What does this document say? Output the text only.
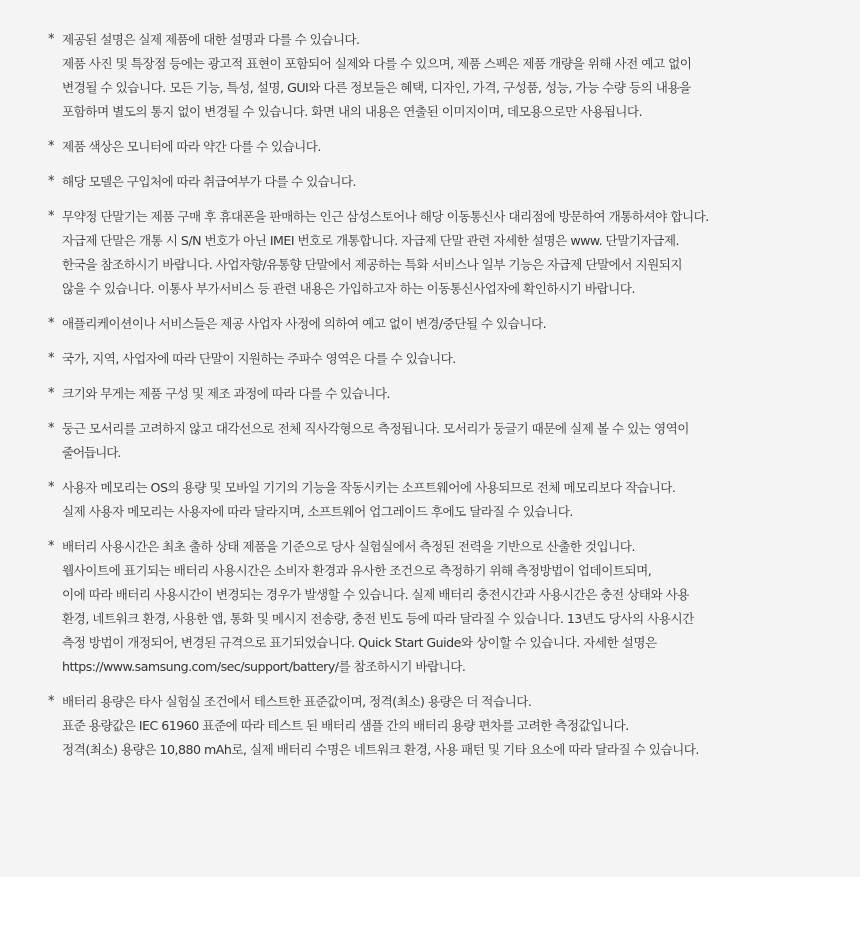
* 제공된 설명은 실제 제품에 대한 설명과 다를 수 있습니다.
제품 사진 및 특장점 등에는 광고적 표현이 포함되어 실제와 다를 수 있으며, 제품 스펙은 제품 개량을 위해 사전 예고 없이
변경될 수 있습니다. 모든 기능, 특성, 설명, GUI와 다른 정보들은 혜택, 디자인, 가격, 구성품, 성능, 가능 수량 등의 내용을
포함하며 별도의 통지 없이 변경될 수 있습니다. 화면 내의 내용은 연출된 이미지이며, 데모용으로만 사용됩니다.
* 제품 색상은 모니터에 따라 약간 다를 수 있습니다.
* 해당 모델은 구입처에 따라 취급여부가 다를 수 있습니다.
* 무약정 단말기는 제품 구매 후 휴대폰을 판매하는 인근 삼성스토어나 해당 이동통신사 대리점에 방문하여 개통하셔야 합니다.
자급제 단말은 개통 시 S/N 번호가 아닌 IMEI 번호로 개통합니다. 자급제 단말 관련 자세한 설명은 www. 단말기자급제.
한국을 참조하시기 바랍니다. 사업자향/유통향 단말에서 제공하는 특화 서비스나 일부 기능은 자급제 단말에서 지원되지
않을 수 있습니다. 이통사 부가서비스 등 관련 내용은 가입하고자 하는 이동통신사업자에 확인하시기 바랍니다.
* 애플리케이션이나 서비스들은 제공 사업자 사정에 의하여 예고 없이 변경/중단될 수 있습니다.
* 국가, 지역, 사업자에 따라 단말이 지원하는 주파수 영역은 다를 수 있습니다.
* 크기와 무게는 제품 구성 및 제조 과정에 따라 다를 수 있습니다.
* 둥근 모서리를 고려하지 않고 대각선으로 전체 직사각형으로 측정됩니다. 모서리가 둥글기 때문에 실제 볼 수 있는 영역이
줄어듭니다.
* 사용자 메모리는 OS의 용량 및 모바일 기기의 기능을 작동시키는 소프트웨어에 사용되므로 전체 메모리보다 작습니다.
실제 사용자 메모리는 사용자에 따라 달라지며, 소프트웨어 업그레이드 후에도 달라질 수 있습니다.
* 배터리 사용시간은 최초 출하 상태 제품을 기준으로 당사 실험실에서 측정된 전력을 기반으로 산출한 것입니다.
웹사이트에 표기되는 배터리 사용시간은 소비자 환경과 유사한 조건으로 측정하기 위해 측정방법이 업데이트되며,
이에 따라 배터리 사용시간이 변경되는 경우가 발생할 수 있습니다. 실제 배터리 충전시간과 사용시간은 충전 상태와 사용
환경, 네트워크 환경, 사용한 앱, 통화 및 메시지 전송량, 충전 빈도 등에 따라 달라질 수 있습니다. 13년도 당사의 사용시간
측정 방법이 개정되어, 변경된 규격으로 표기되었습니다. Quick Start Guide와 상이할 수 있습니다. 자세한 설명은
https://www.samsung.com/sec/support/battery/를 참조하시기 바랍니다.
* 배터리 용량은 타사 실험실 조건에서 테스트한 표준값이며, 정격(최소) 용량은 더 적습니다.
표준 용량값은 IEC 61960 표준에 따라 테스트 된 배터리 샘플 간의 배터리 용량 편차를 고려한 측정값입니다.
정격(최소) 용량은 10,880 mAh로, 실제 배터리 수명은 네트워크 환경, 사용 패턴 및 기타 요소에 따라 달라질 수 있습니다.
